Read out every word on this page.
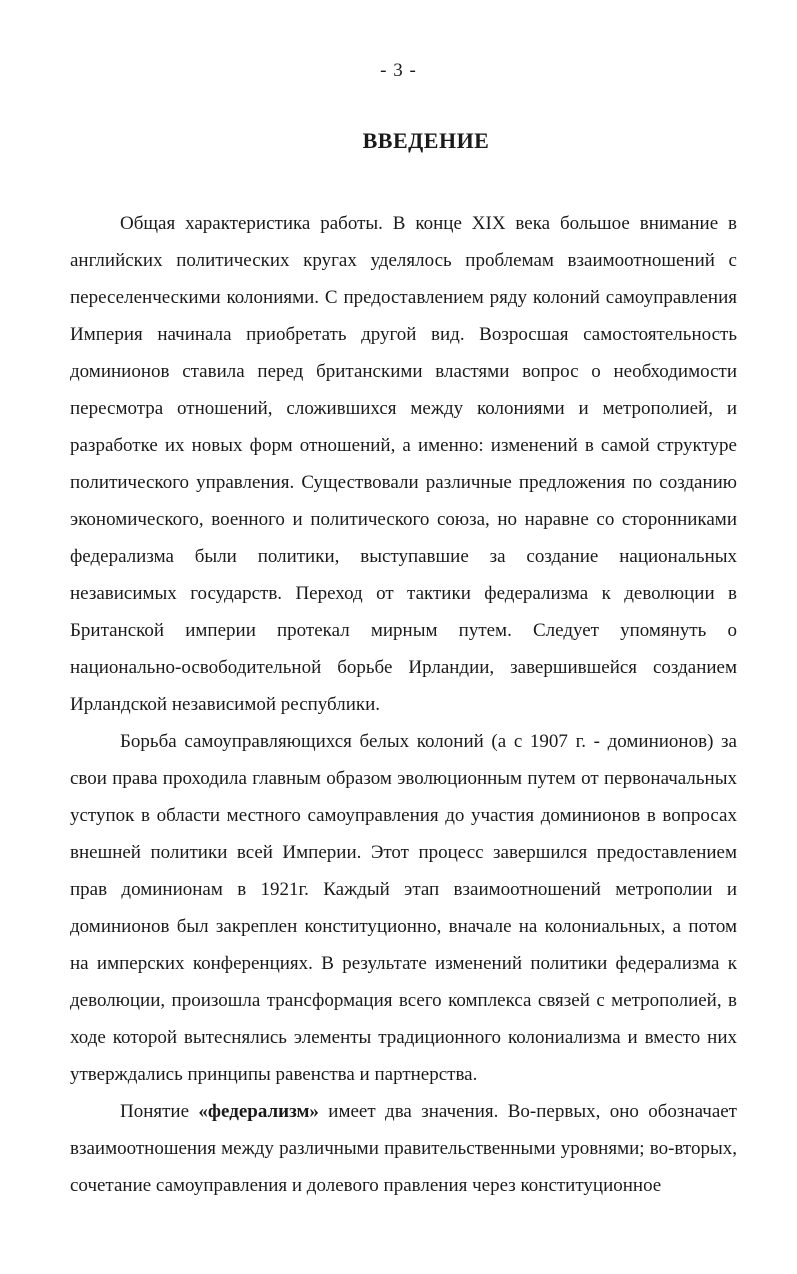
- 3 -
ВВЕДЕНИЕ

Общая характеристика работы. В конце XIX века большое внимание в английских политических кругах уделялось проблемам взаимоотношений с переселенческими колониями. С предоставлением ряду колоний самоуправления Империя начинала приобретать другой вид. Возросшая самостоятельность доминионов ставила перед британскими властями вопрос о необходимости пересмотра отношений, сложившихся между колониями и метрополией, и разработке их новых форм отношений, а именно: изменений в самой структуре политического управления. Существовали различные предложения по созданию экономического, военного и политического союза, но наравне со сторонниками федерализма были политики, выступавшие за создание национальных независимых государств. Переход от тактики федерализма к деволюции в Британской империи протекал мирным путем. Следует упомянуть о национально-освободительной борьбе Ирландии, завершившейся созданием Ирландской независимой республики.

Борьба самоуправляющихся белых колоний (а с 1907 г. - доминионов) за свои права проходила главным образом эволюционным путем от первоначальных уступок в области местного самоуправления до участия доминионов в вопросах внешней политики всей Империи. Этот процесс завершился предоставлением прав доминионам в 1921г. Каждый этап взаимоотношений метрополии и доминионов был закреплен конституционно, вначале на колониальных, а потом на имперских конференциях. В результате изменений политики федерализма к деволюции, произошла трансформация всего комплекса связей с метрополией, в ходе которой вытеснялись элементы традиционного колониализма и вместо них утверждались принципы равенства и партнерства.

Понятие «федерализм» имеет два значения. Во-первых, оно обозначает взаимоотношения между различными правительственными уровнями; во-вторых, сочетание самоуправления и долевого правления через конституционное
